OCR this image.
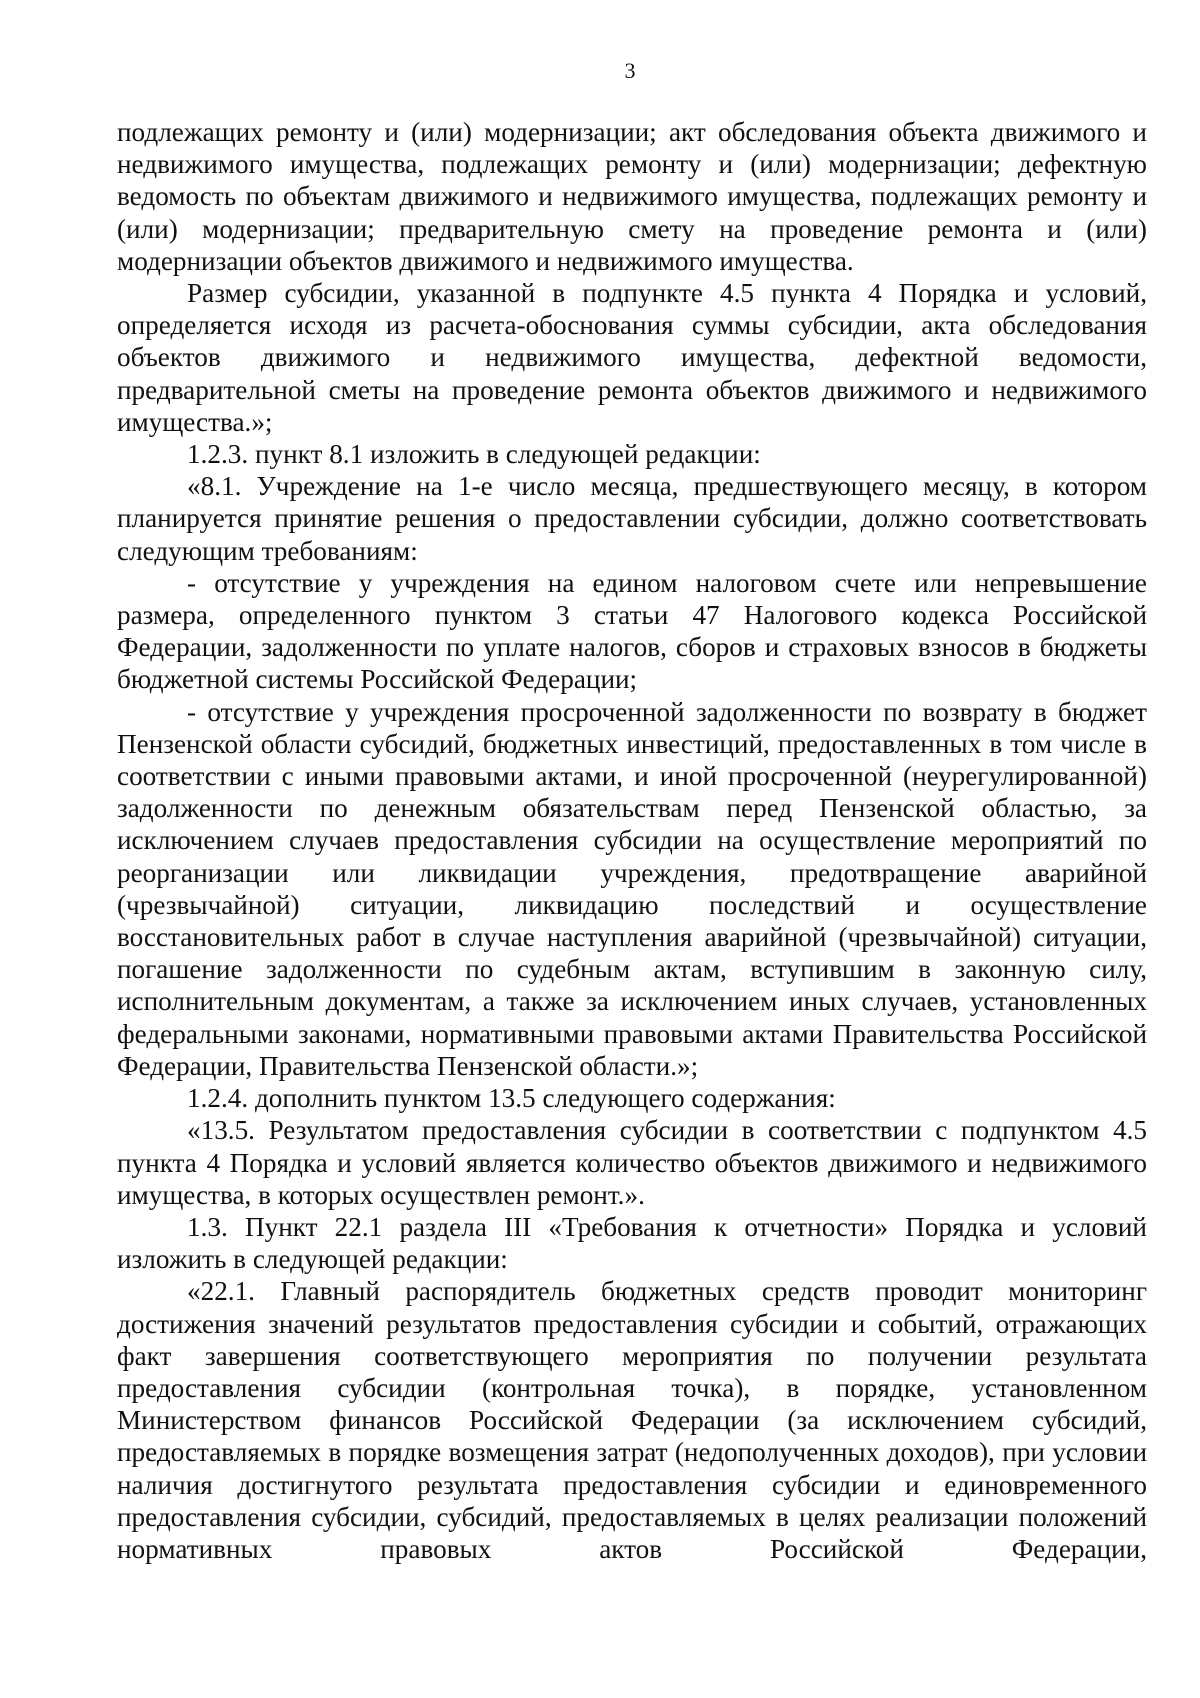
3

подлежащих ремонту и (или) модернизации; акт обследования объекта движимого и недвижимого имущества, подлежащих ремонту и (или) модернизации; дефектную ведомость по объектам движимого и недвижимого имущества, подлежащих ремонту и (или) модернизации; предварительную смету на проведение ремонта и (или) модернизации объектов движимого и недвижимого имущества.

Размер субсидии, указанной в подпункте 4.5 пункта 4 Порядка и условий, определяется исходя из расчета-обоснования суммы субсидии, акта обследования объектов движимого и недвижимого имущества, дефектной ведомости, предварительной сметы на проведение ремонта объектов движимого и недвижимого имущества.»;

1.2.3. пункт 8.1 изложить в следующей редакции:

«8.1. Учреждение на 1-е число месяца, предшествующего месяцу, в котором планируется принятие решения о предоставлении субсидии, должно соответствовать следующим требованиям:

- отсутствие у учреждения на едином налоговом счете или непревышение размера, определенного пунктом 3 статьи 47 Налогового кодекса Российской Федерации, задолженности по уплате налогов, сборов и страховых взносов в бюджеты бюджетной системы Российской Федерации;

- отсутствие у учреждения просроченной задолженности по возврату в бюджет Пензенской области субсидий, бюджетных инвестиций, предоставленных в том числе в соответствии с иными правовыми актами, и иной просроченной (неурегулированной) задолженности по денежным обязательствам перед Пензенской областью, за исключением случаев предоставления субсидии на осуществление мероприятий по реорганизации или ликвидации учреждения, предотвращение аварийной (чрезвычайной) ситуации, ликвидацию последствий и осуществление восстановительных работ в случае наступления аварийной (чрезвычайной) ситуации, погашение задолженности по судебным актам, вступившим в законную силу, исполнительным документам, а также за исключением иных случаев, установленных федеральными законами, нормативными правовыми актами Правительства Российской Федерации, Правительства Пензенской области.»;

1.2.4. дополнить пунктом 13.5 следующего содержания:

«13.5. Результатом предоставления субсидии в соответствии с подпунктом 4.5 пункта 4 Порядка и условий является количество объектов движимого и недвижимого имущества, в которых осуществлен ремонт.».

1.3. Пункт 22.1 раздела III «Требования к отчетности» Порядка и условий изложить в следующей редакции:

«22.1. Главный распорядитель бюджетных средств проводит мониторинг достижения значений результатов предоставления субсидии и событий, отражающих факт завершения соответствующего мероприятия по получении результата предоставления субсидии (контрольная точка), в порядке, установленном Министерством финансов Российской Федерации (за исключением субсидий, предоставляемых в порядке возмещения затрат (недополученных доходов), при условии наличия достигнутого результата предоставления субсидии и единовременного предоставления субсидии, субсидий, предоставляемых в целях реализации положений нормативных правовых актов Российской Федерации,
